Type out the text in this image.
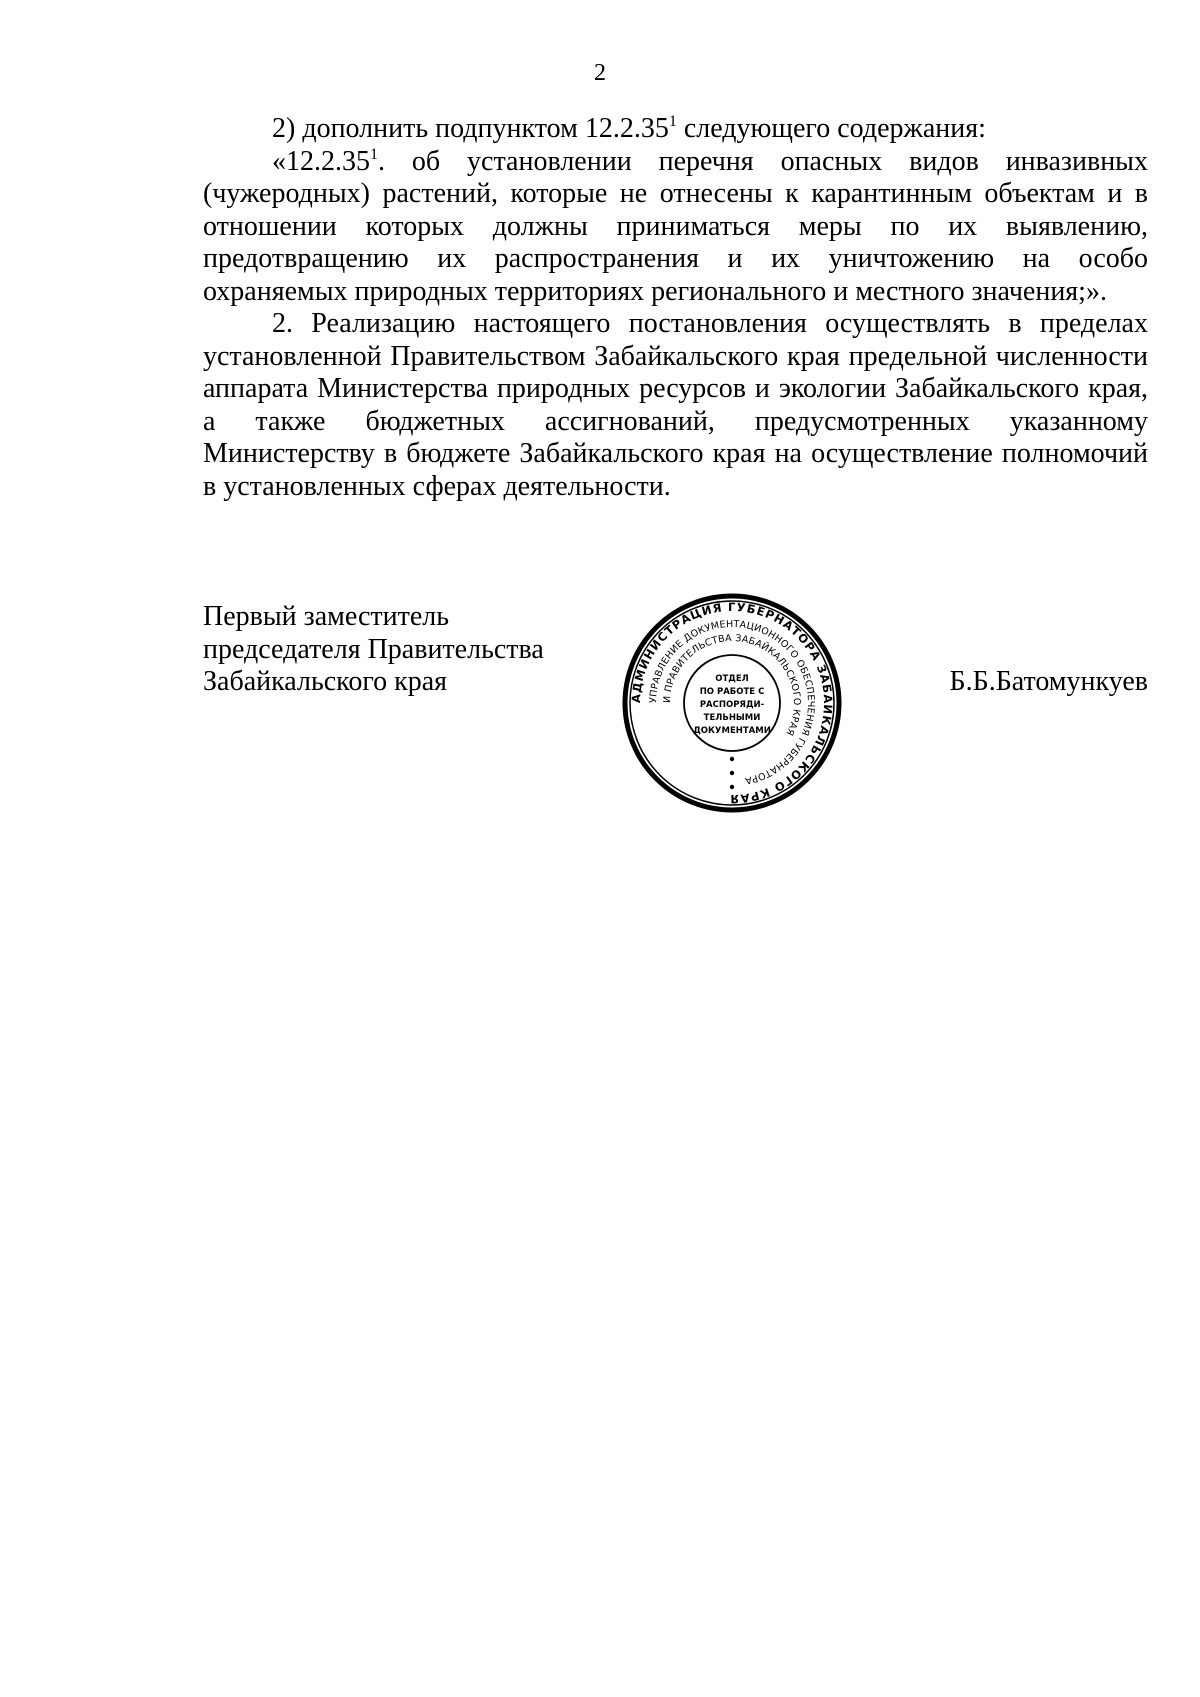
2

2) дополнить подпунктом 12.2.35$^1$ следующего содержания:

«12.2.35$^1$. об установлении перечня опасных видов инвазивных (чужеродных) растений, которые не отнесены к карантинным объектам и в отношении которых должны приниматься меры по их выявлению, предотвращению их распространения и их уничтожению на особо охраняемых природных территориях регионального и местного значения;».

2. Реализацию настоящего постановления осуществлять в пределах установленной Правительством Забайкальского края предельной численности аппарата Министерства природных ресурсов и экологии Забайкальского края, а также бюджетных ассигнований, предусмотренных указанному Министерству в бюджете Забайкальского края на осуществление полномочий в установленных сферах деятельности.

Первый заместитель
председателя Правительства
Забайкальского края
АДМИНИСТРАЦИЯ ГУБЕРНАТОРА ЗАБАЙКАЛЬСКОГО КРАЯ
УПРАВЛЕНИЕ ДОКУМЕНТАЦИОННОГО ОБЕСПЕЧЕНИЯ ГУБЕРНАТОРА
И ПРАВИТЕЛЬСТВА ЗАБАЙКАЛЬСКОГО КРАЯ
ОТДЕЛ
ПО РАБОТЕ С
РАСПОРЯДИ-
ТЕЛЬНЫМИ
ДОКУМЕНТАМИ
Б.Б.Батомункуев
